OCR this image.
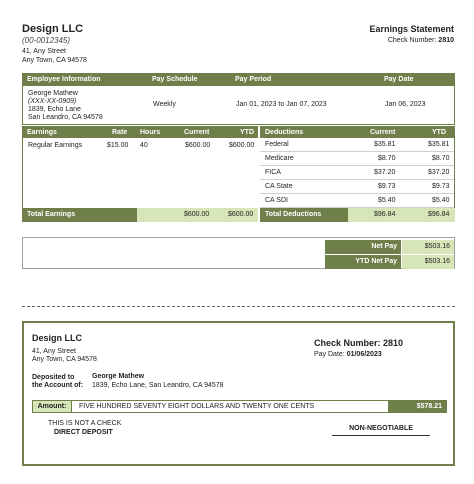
Design LLC
(00-0012345)
41, Any Street
Any Town, CA 94578
Earnings Statement
Check Number: 2810
Employee Information	Pay Schedule	Pay Period	Pay Date
George Mathew
(XXX-XX-0909)
1839, Echo Lane
San Leandro, CA 94578
Weekly	Jan 01, 2023 to Jan 07, 2023	Jan 06, 2023
Earnings	Rate Hours	Current	YTD
Regular Earnings	$15.00 40	$600.00	$600.00
Total Earnings	$600.00	$600.00
Deductions	Current	YTD
Federal	$35.81	$35.81
Medicare	$8.70	$8.70
FICA	$37.20	$37.20
CA State	$9.73	$9.73
CA SDI	$5.40	$5.40
Total Deductions	$96.84	$96.84
Net Pay	$503.16
YTD Net Pay	$503.16
Design LLC
41, Any Street
Any Town, CA 94578
Check Number: 2810
Pay Date: 01/06/2023
Deposited to
the Account of:
George Mathew
1839, Echo Lane, San Leandro, CA 94578
Amount:	FIVE HUNDRED SEVENTY EIGHT DOLLARS AND TWENTY ONE CENTS	$578.21
THIS IS NOT A CHECK
DIRECT DEPOSIT
NON-NEGOTIABLE
